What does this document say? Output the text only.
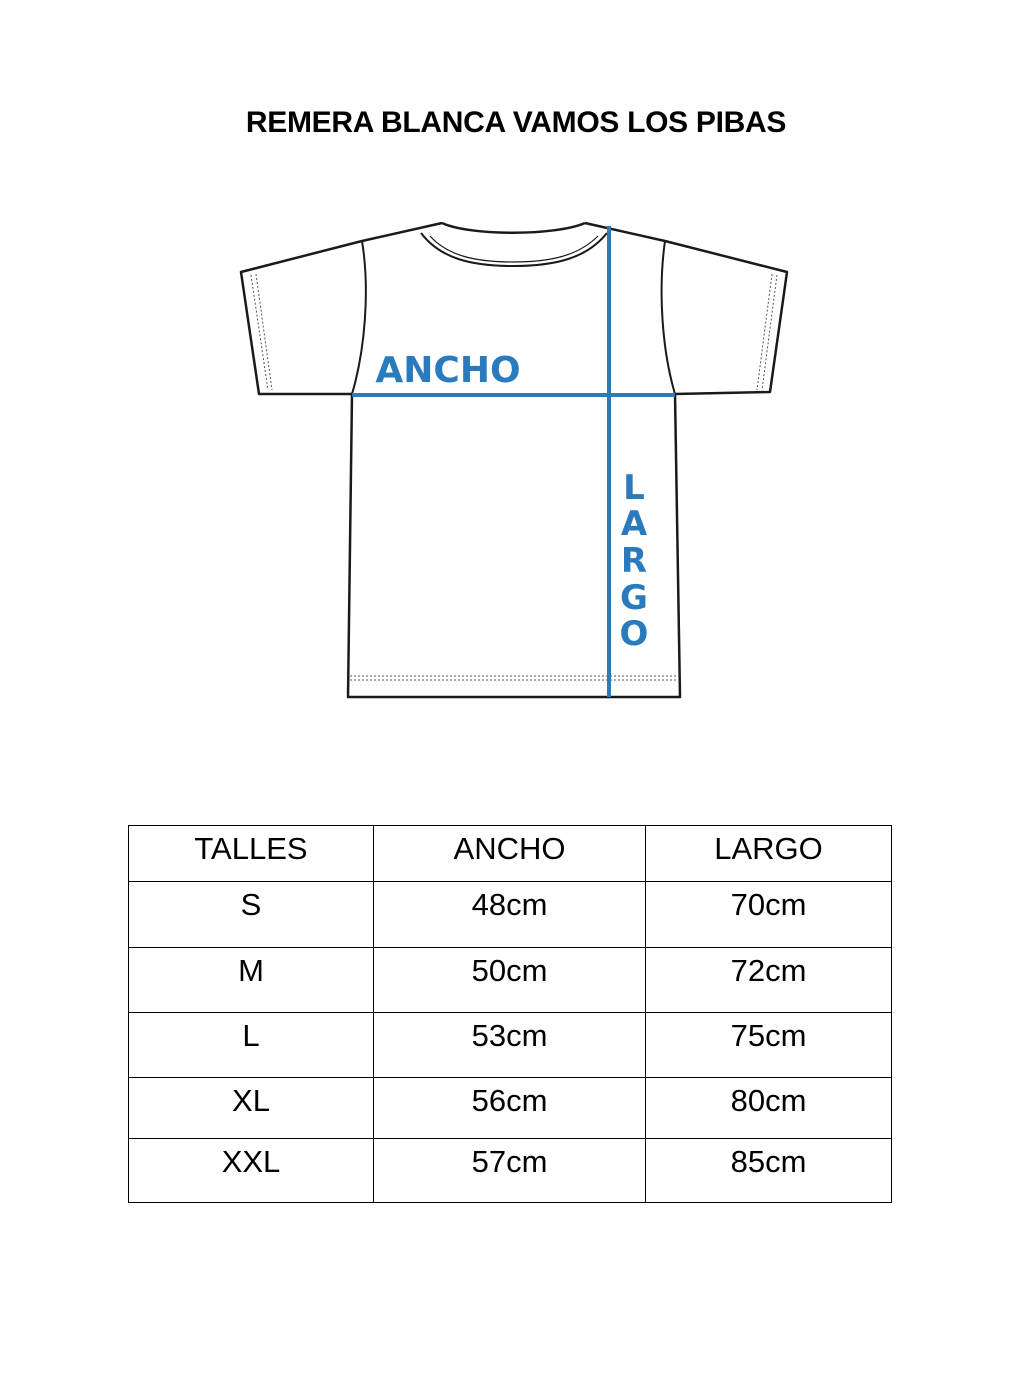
REMERA BLANCA VAMOS LOS PIBAS
ANCHO
L
A
R
G
O
TALLES	ANCHO	LARGO
S	48cm	70cm
M	50cm	72cm
L	53cm	75cm
XL	56cm	80cm
XXL	57cm	85cm
